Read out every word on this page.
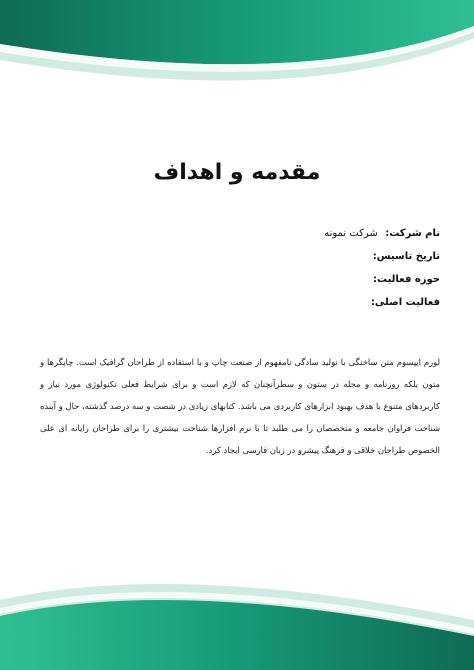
مقدمه و اهداف
نام شرکت: شرکت نمونه
تاریخ تاسیس:
حوزه فعالیت:
فعالیت اصلی:

لورم ایپسوم متن ساختگی با تولید سادگی نامفهوم از صنعت چاپ و با استفاده از طراحان گرافیک است. چاپگرها و متون بلکه روزنامه و مجله در ستون و سطرآنچنان که لازم است و برای شرایط فعلی تکنولوژی مورد نیاز و کاربردهای متنوع با هدف بهبود ابزارهای کاربردی می باشد. کتابهای زیادی در شصت و سه درصد گذشته، حال و آینده شناخت فراوان جامعه و متخصصان را می طلبد تا با نرم افزارها شناخت بیشتری را برای طراحان رایانه ای علی الخصوص طراحان خلاقی و فرهنگ پیشرو در زبان فارسی ایجاد کرد.
